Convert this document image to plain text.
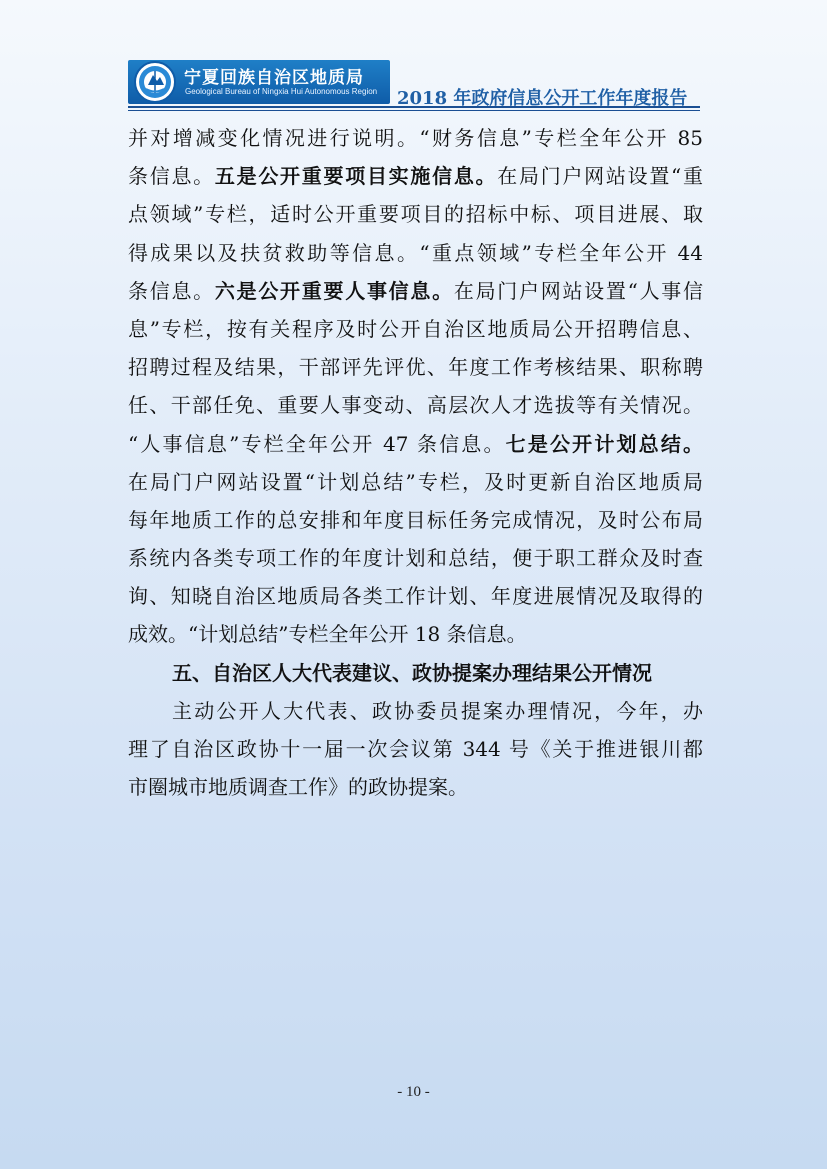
宁夏回族自治区地质局
Geological Bureau of Ningxia Hui Autonomous Region 2018 年政府信息公开工作年度报告
并对增减变化情况进行说明。“财务信息”专栏全年公开 85
条信息。五是公开重要项目实施信息。在局门户网站设置“重
点领域”专栏，适时公开重要项目的招标中标、项目进展、取
得成果以及扶贫救助等信息。“重点领域”专栏全年公开 44
条信息。六是公开重要人事信息。在局门户网站设置“人事信
息”专栏，按有关程序及时公开自治区地质局公开招聘信息、
招聘过程及结果，干部评先评优、年度工作考核结果、职称聘
任、干部任免、重要人事变动、高层次人才选拔等有关情况。
“人事信息”专栏全年公开 47 条信息。七是公开计划总结。
在局门户网站设置“计划总结”专栏，及时更新自治区地质局
每年地质工作的总安排和年度目标任务完成情况，及时公布局
系统内各类专项工作的年度计划和总结，便于职工群众及时查
询、知晓自治区地质局各类工作计划、年度进展情况及取得的
成效。“计划总结”专栏全年公开 18 条信息。
五、自治区人大代表建议、政协提案办理结果公开情况
主动公开人大代表、政协委员提案办理情况，今年，办
理了自治区政协十一届一次会议第 344 号《关于推进银川都
市圈城市地质调查工作》的政协提案。
- 10 -
